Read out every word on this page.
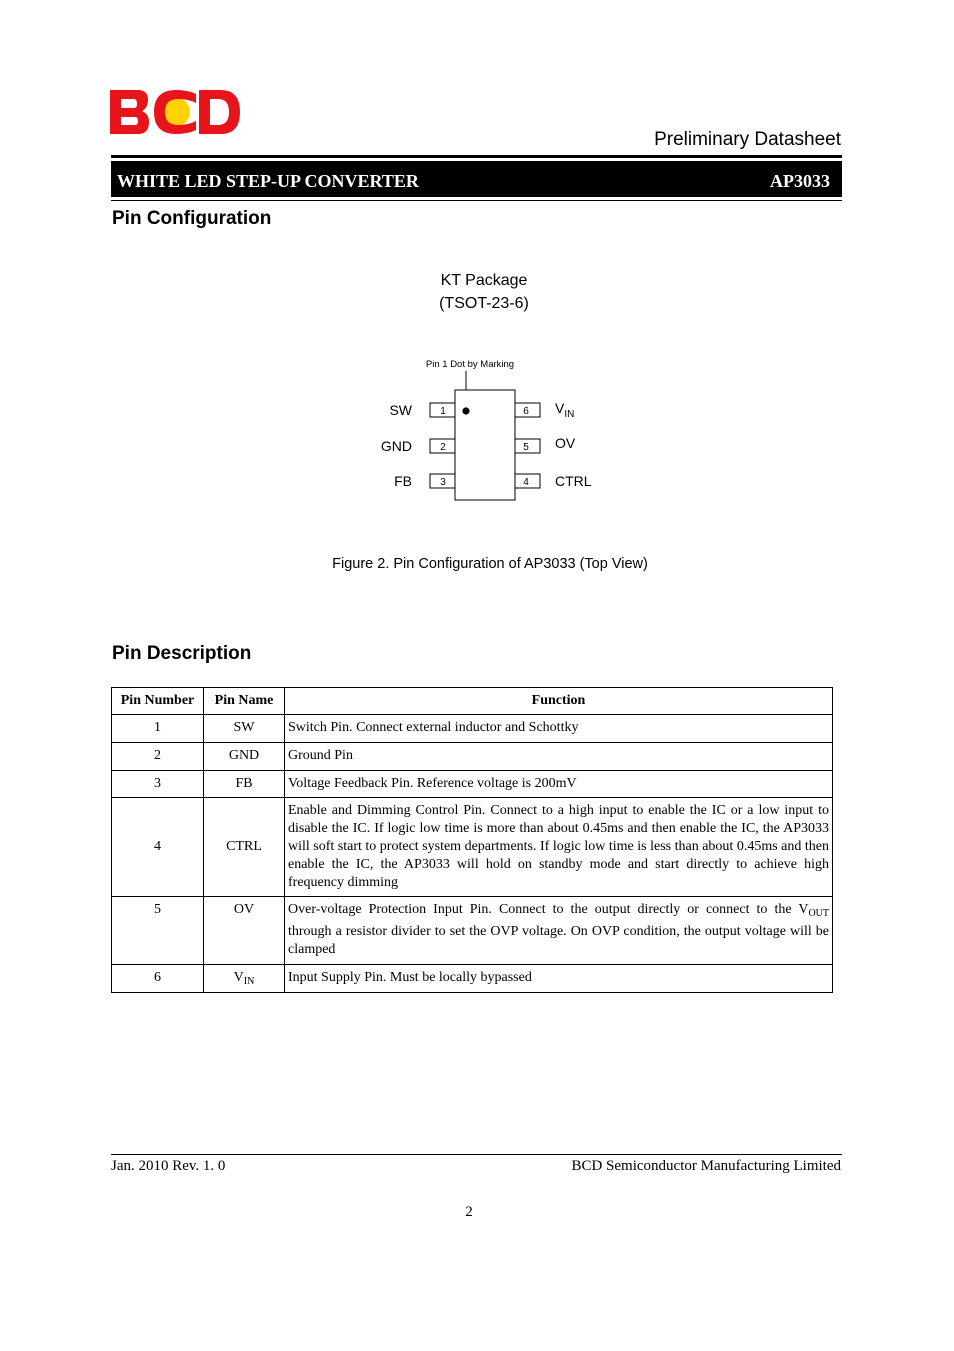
Preliminary Datasheet
WHITE LED STEP-UP CONVERTER	AP3033
Pin Configuration
KT Package
(TSOT-23-6)
Pin 1 Dot by Marking
1
2
3
6
5
4
SW
GND
FB
$V_{IN}$
OV
CTRL
Figure 2. Pin Configuration of AP3033 (Top View)
Pin Description
Pin Number	Pin Name	Function
1	SW	Switch Pin. Connect external inductor and Schottky
2	GND	Ground Pin
3	FB	Voltage Feedback Pin. Reference voltage is 200mV
4	CTRL	Enable and Dimming Control Pin. Connect to a high input to enable the IC or a low input to disable the IC. If logic low time is more than about 0.45ms and then enable the IC, the AP3033 will soft start to protect system departments. If logic low time is less than about 0.45ms and then enable the IC, the AP3033 will hold on standby mode and start directly to achieve high frequency dimming
5	OV	Over-voltage Protection Input Pin. Connect to the output directly or connect to the $V_{OUT}$ through a resistor divider to set the OVP voltage. On OVP condition, the output voltage will be clamped
6	$V_{IN}$	Input Supply Pin. Must be locally bypassed
Jan. 2010 Rev. 1. 0	BCD Semiconductor Manufacturing Limited
2
